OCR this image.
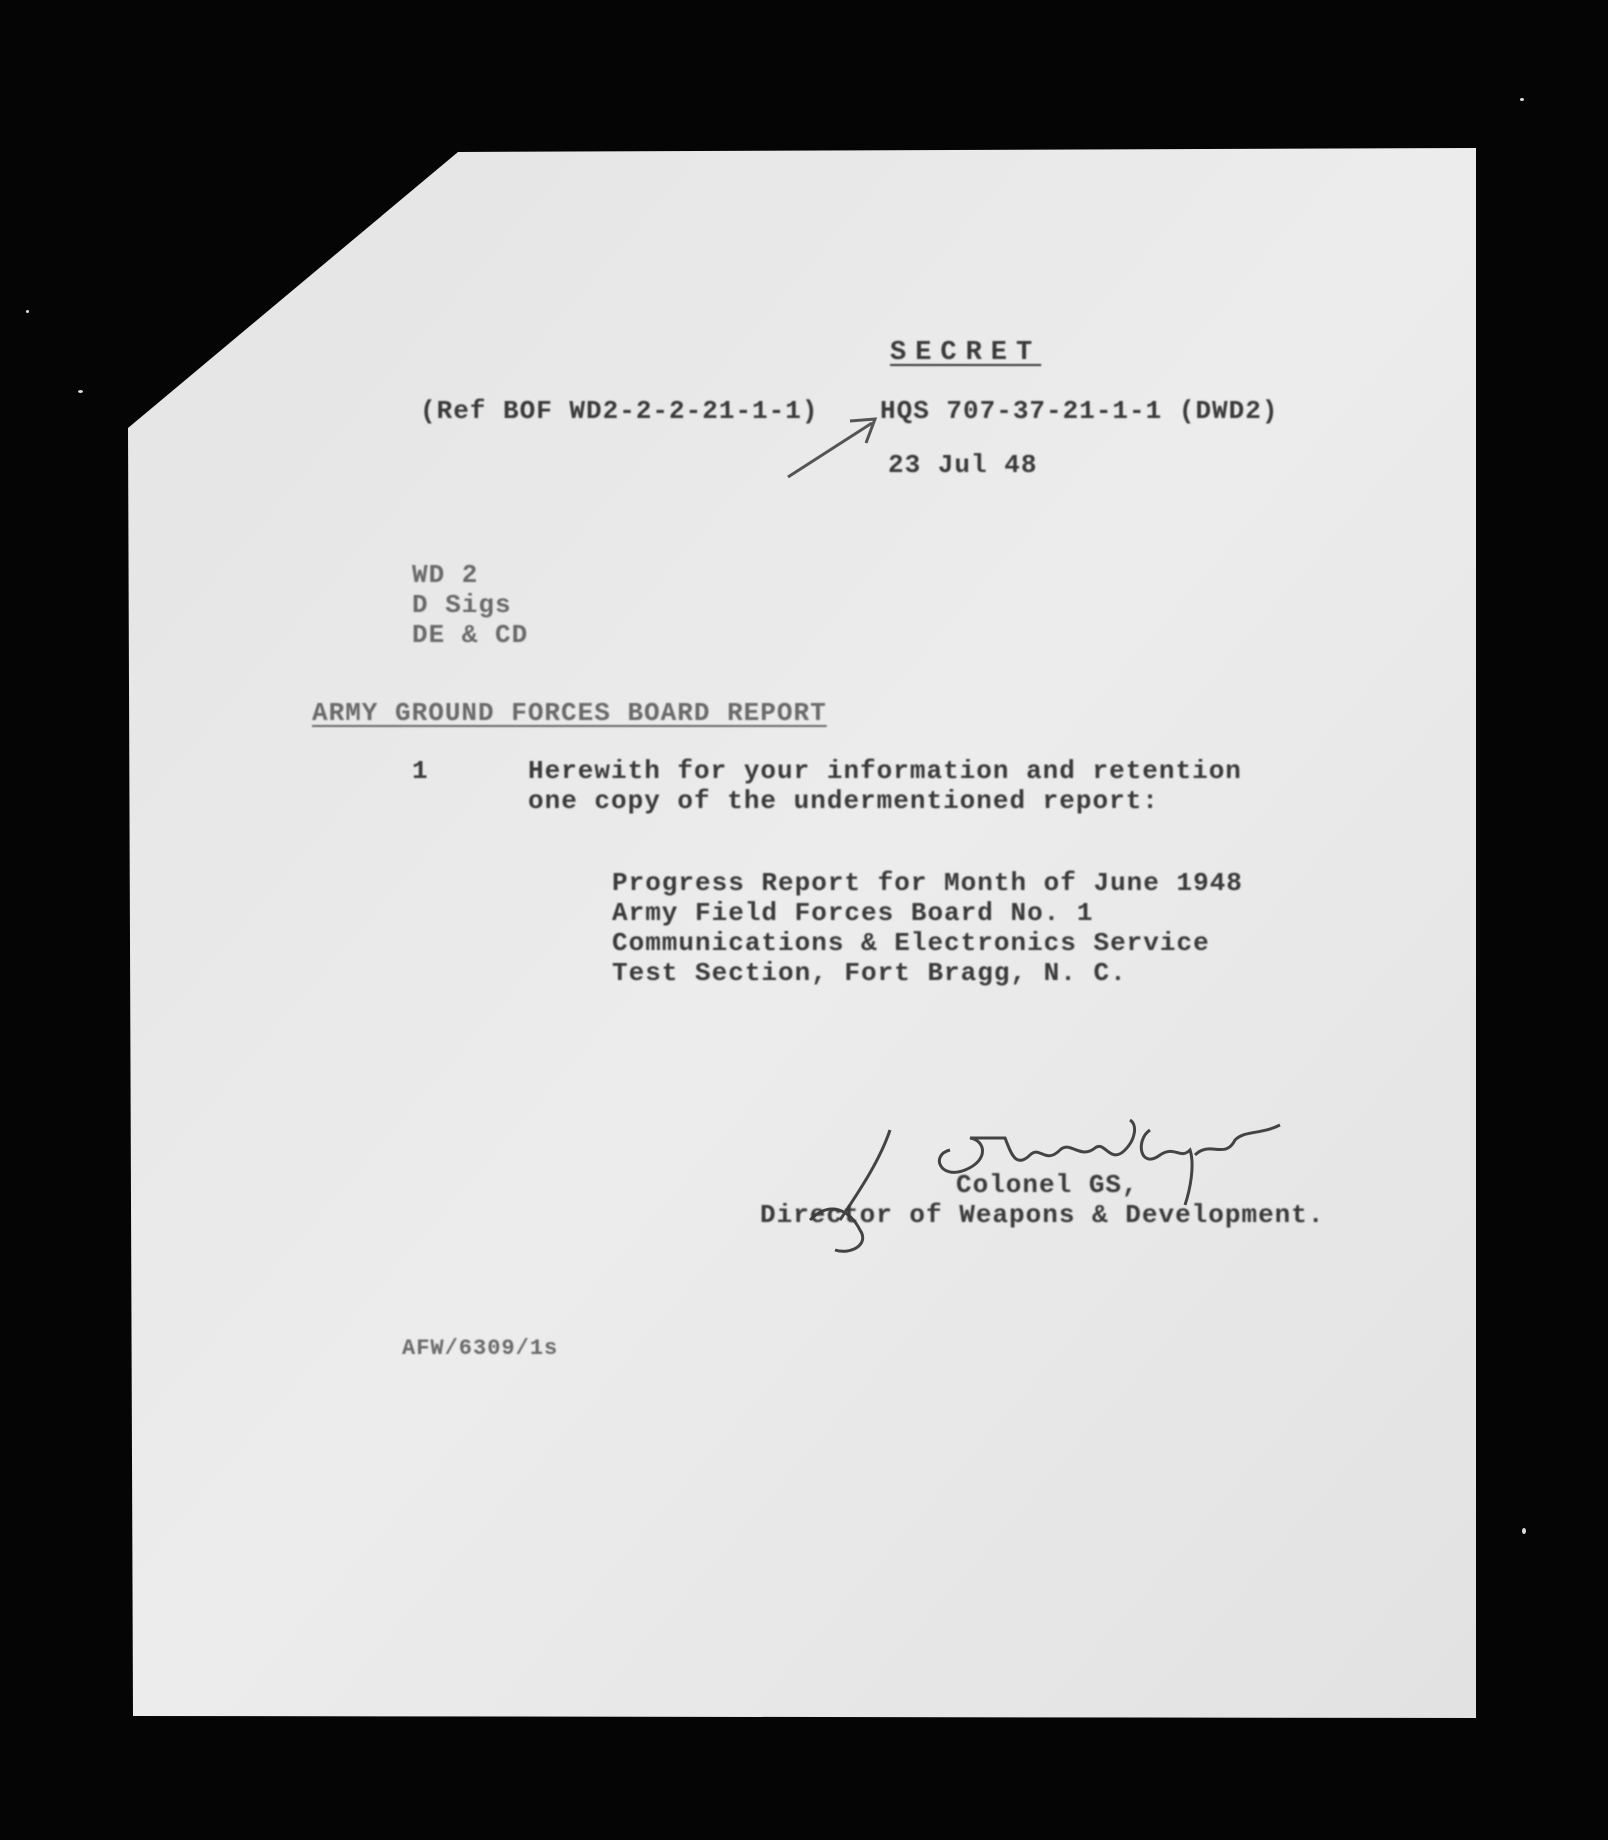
SECRET
(Ref BOF WD2-2-2-21-1-1) HQS 707-37-21-1-1 (DWD2)
23 Jul 48
WD 2
D Sigs
DE & CD
ARMY GROUND FORCES BOARD REPORT
1	Herewith for your information and retention
one copy of the undermentioned report:
Progress Report for Month of June 1948
Army Field Forces Board No. 1
Communications & Electronics Service
Test Section, Fort Bragg, N. C.
Colonel GS,
Director of Weapons & Development.
AFW/6309/1s
